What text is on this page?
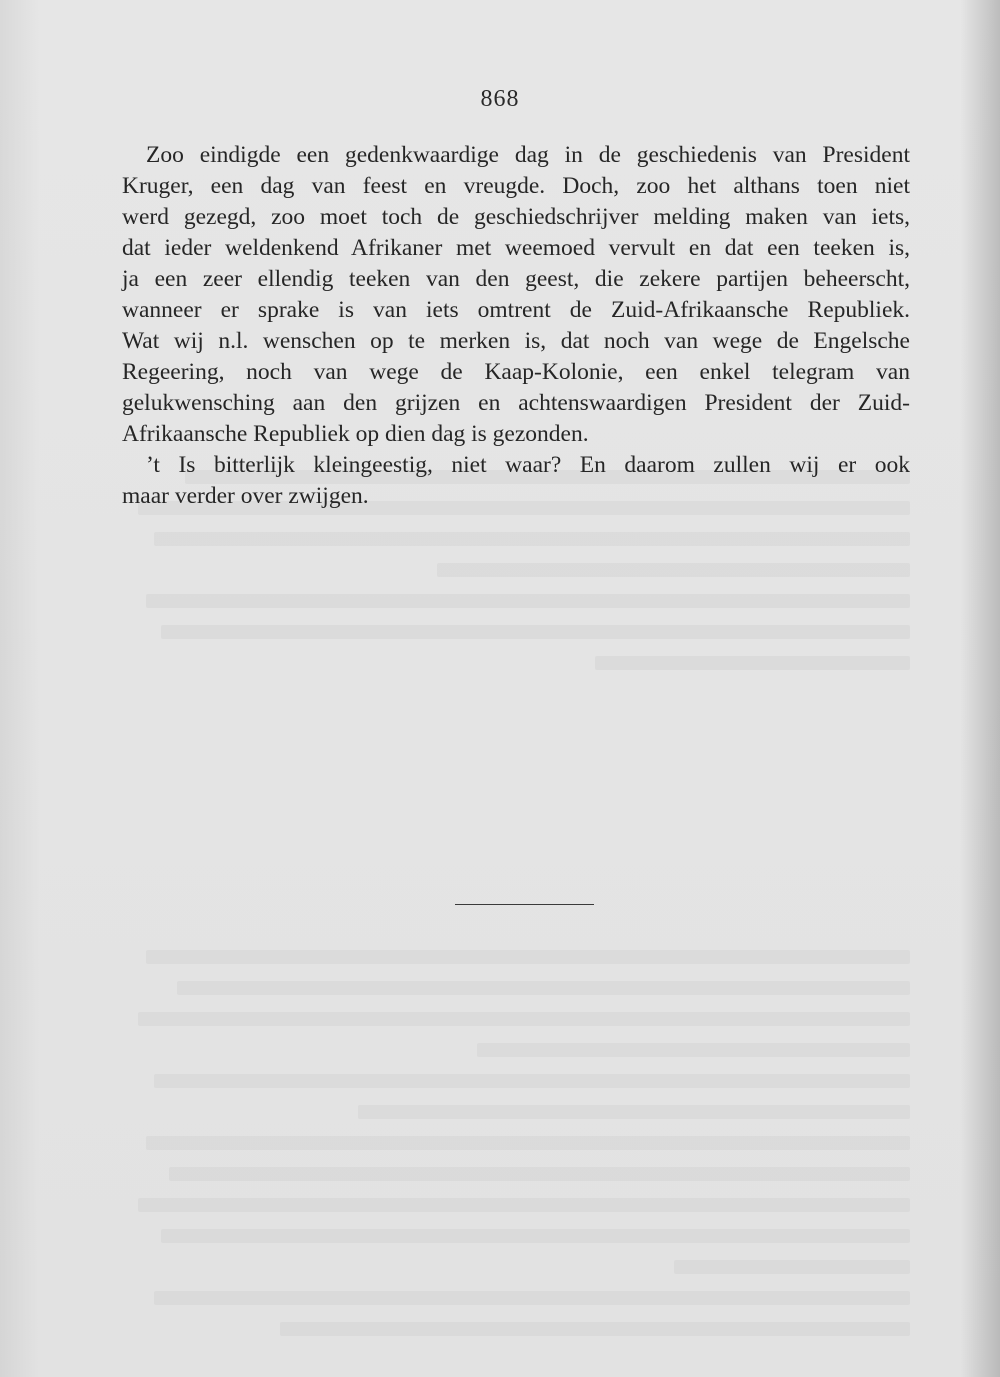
868
Zoo eindigde een gedenkwaardige dag in de geschiedenis van President
Kruger, een dag van feest en vreugde. Doch, zoo het althans toen niet
werd gezegd, zoo moet toch de geschiedschrijver melding maken van iets,
dat ieder weldenkend Afrikaner met weemoed vervult en dat een teeken is,
ja een zeer ellendig teeken van den geest, die zekere partijen beheerscht,
wanneer er sprake is van iets omtrent de Zuid-Afrikaansche Republiek.
Wat wij n.l. wenschen op te merken is, dat noch van wege de Engelsche
Regeering, noch van wege de Kaap-Kolonie, een enkel telegram van
gelukwensching aan den grijzen en achtenswaardigen President der Zuid-
Afrikaansche Republiek op dien dag is gezonden.
’t Is bitterlijk kleingeestig, niet waar? En daarom zullen wij er ook
maar verder over zwijgen.
